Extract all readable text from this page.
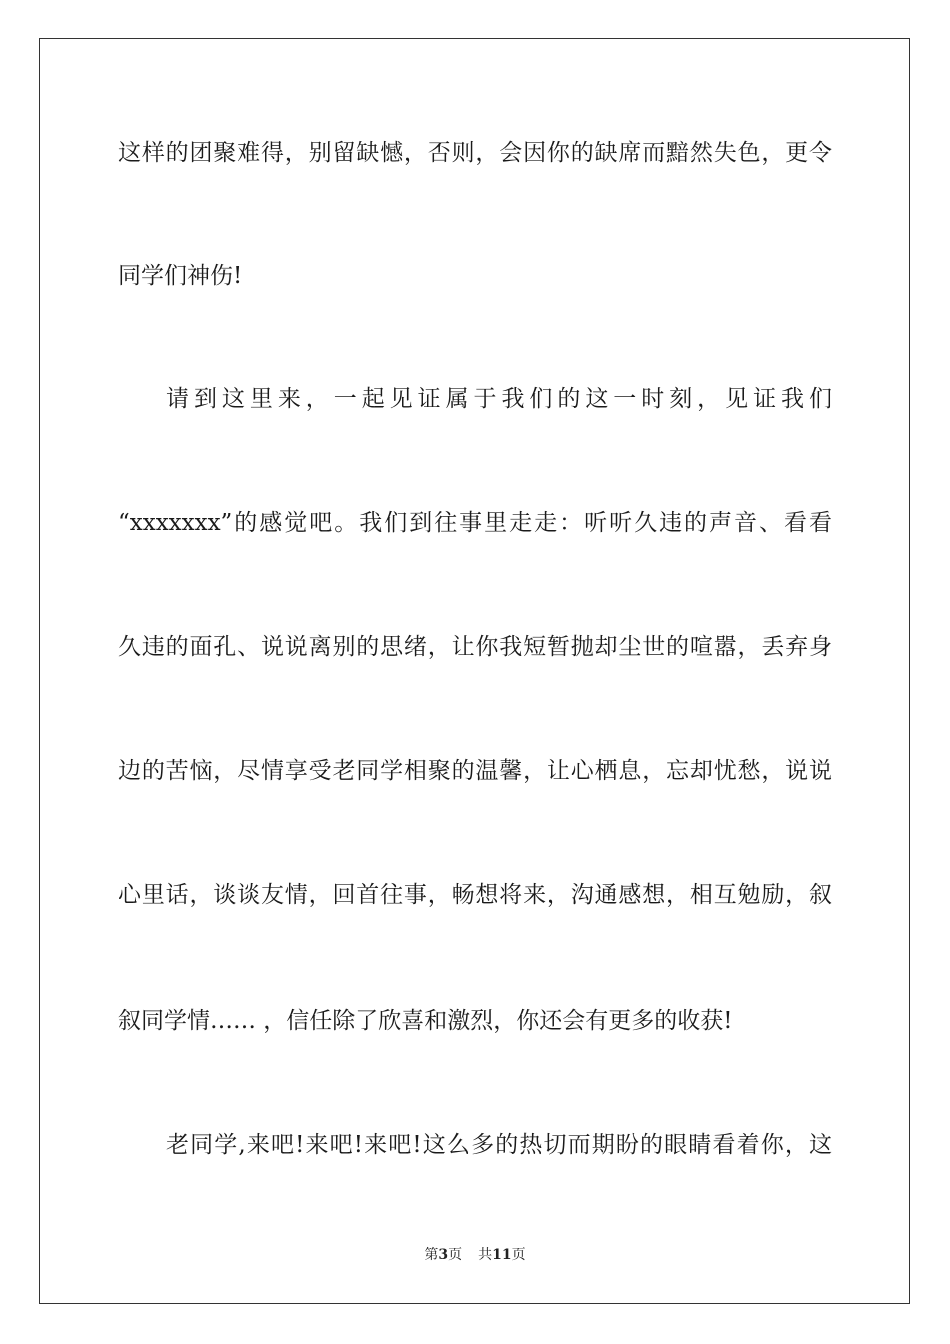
这样的团聚难得，别留缺憾，否则，会因你的缺席而黯然失色，更令
同学们神伤!
请到这里来，一起见证属于我们的这一时刻，见证我们
“xxxxxxx”的感觉吧。我们到往事里走走：听听久违的声音、看看
久违的面孔、说说离别的思绪，让你我短暂抛却尘世的喧嚣，丢弃身
边的苦恼，尽情享受老同学相聚的温馨，让心栖息，忘却忧愁，说说
心里话，谈谈友情，回首往事，畅想将来，沟通感想，相互勉励，叙
叙同学情…… ，信任除了欣喜和激烈，你还会有更多的收获!
老同学,来吧!来吧!来吧!这么多的热切而期盼的眼睛看着你，这
第3页 共11页
